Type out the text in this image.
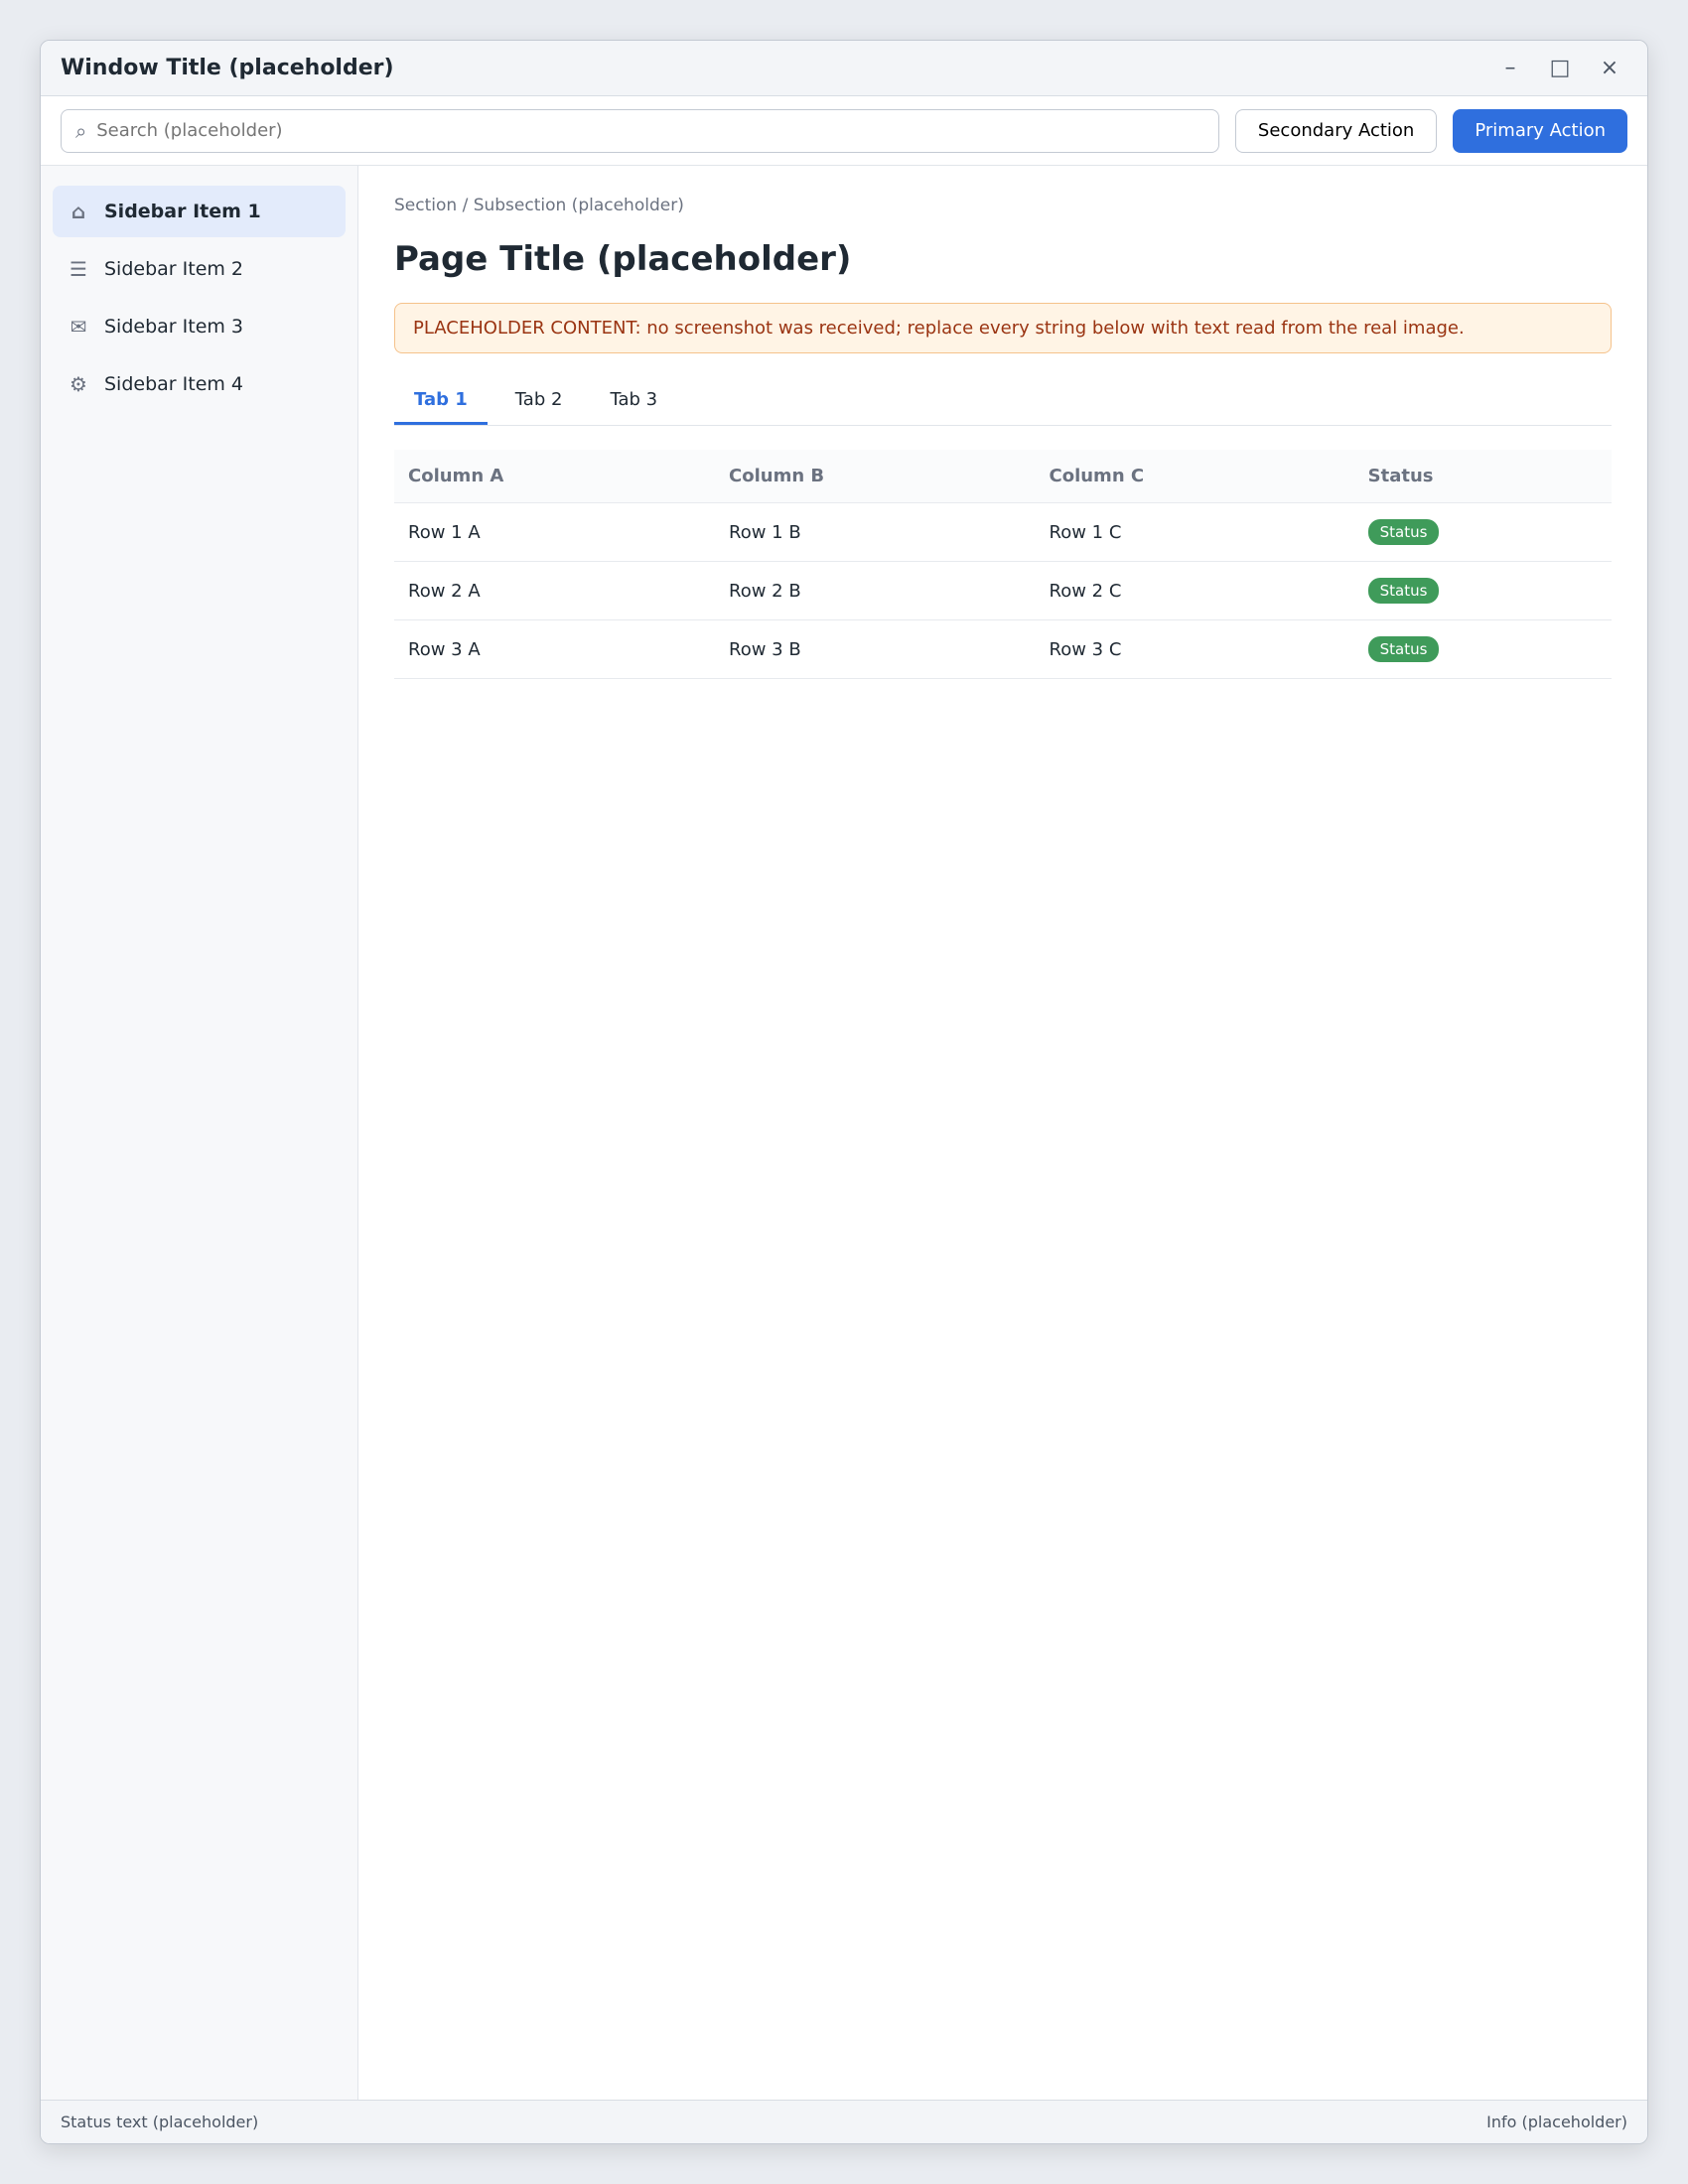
Window Title (placeholder)	–	□	×
⌕
Search (placeholder)	Secondary Action	Primary Action
⌂ Sidebar Item 1
☰ Sidebar Item 2
✉ Sidebar Item 3
⚙ Sidebar Item 4
Section / Subsection (placeholder)
Page Title (placeholder)
PLACEHOLDER CONTENT: no screenshot was received; replace every string below with text read from the real image.
Tab 1	Tab 2	Tab 3
Column A	Column B	Column C	Status
Row 1 A	Row 1 B	Row 1 C	Status
Row 2 A	Row 2 B	Row 2 C	Status
Row 3 A	Row 3 B	Row 3 C	Status
Status text (placeholder)	Info (placeholder)
